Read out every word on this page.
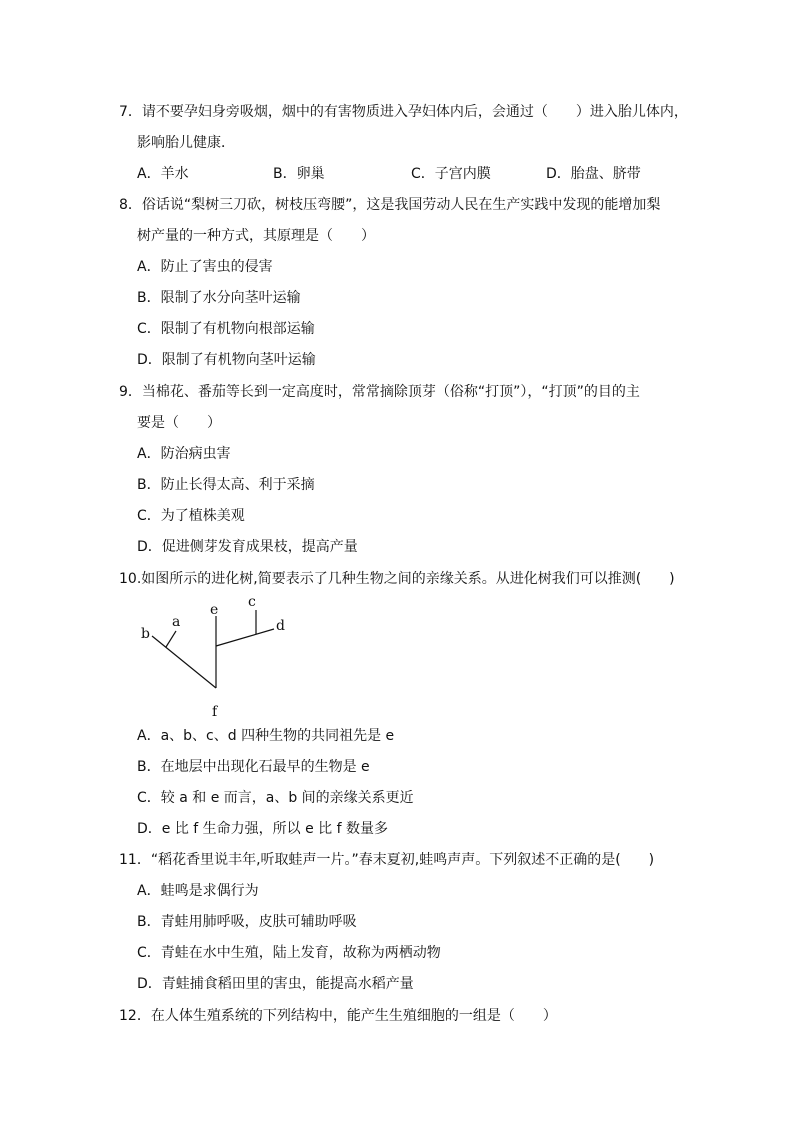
7．请不要孕妇身旁吸烟，烟中的有害物质进入孕妇体内后，会通过（　　）进入胎儿体内，
影响胎儿健康．
A．羊水	B．卵巢	C．子宫内膜	D．胎盘、脐带
8．俗话说“梨树三刀砍，树枝压弯腰”，这是我国劳动人民在生产实践中发现的能增加梨
树产量的一种方式，其原理是（　　）
A．防止了害虫的侵害
B．限制了水分向茎叶运输
C．限制了有机物向根部运输
D．限制了有机物向茎叶运输
9．当棉花、番茄等长到一定高度时，常常摘除顶芽（俗称“打顶”），“打顶”的目的主
要是（　　）
A．防治病虫害
B．防止长得太高、利于采摘
C．为了植株美观
D．促进侧芽发育成果枝，提高产量
10.如图所示的进化树,简要表示了几种生物之间的亲缘关系。从进化树我们可以推测(　　)
a
b
c
d
e
f
A．a、b、c、d 四种生物的共同祖先是 e
B．在地层中出现化石最早的生物是 e
C．较 a 和 e 而言，a、b 间的亲缘关系更近
D．e 比 f 生命力强，所以 e 比 f 数量多
11．“稻花香里说丰年,听取蛙声一片。”春末夏初,蛙鸣声声。下列叙述不正确的是(　　)
A．蛙鸣是求偶行为
B．青蛙用肺呼吸，皮肤可辅助呼吸
C．青蛙在水中生殖，陆上发育，故称为两栖动物
D．青蛙捕食稻田里的害虫，能提高水稻产量
12．在人体生殖系统的下列结构中，能产生生殖细胞的一组是（　　）
